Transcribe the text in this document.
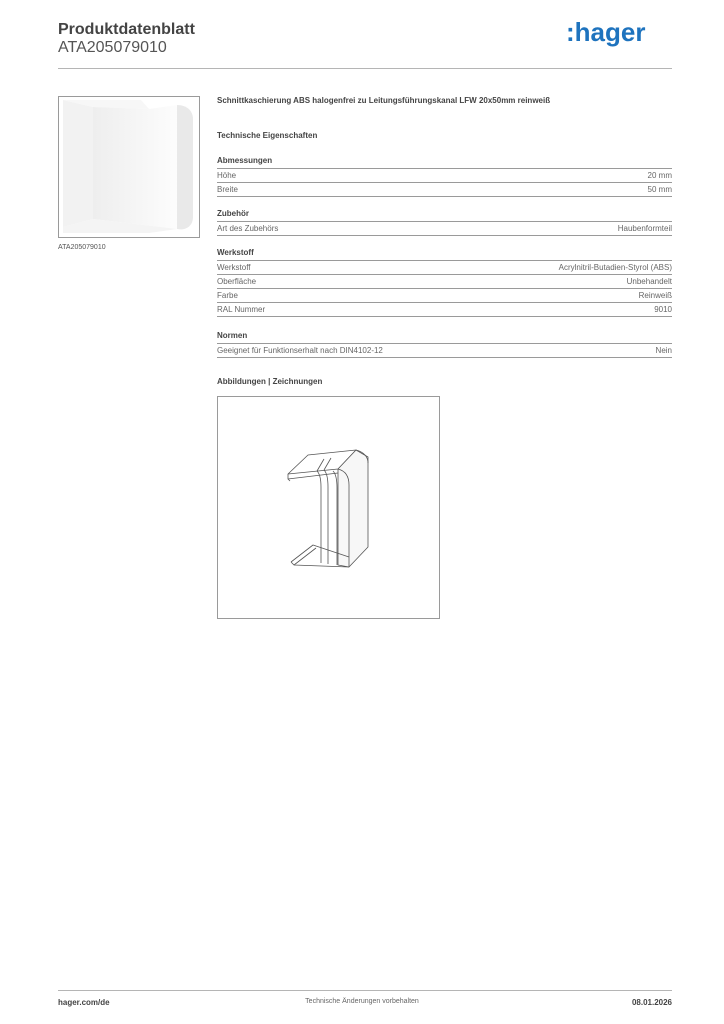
Produktdatenblatt
ATA205079010
:hager
ATA205079010
Schnittkaschierung ABS halogenfrei zu Leitungsführungskanal LFW 20x50mm reinweiß
Technische Eigenschaften
Abmessungen
Höhe	20 mm
Breite	50 mm
Zubehör
Art des Zubehörs	Haubenformteil
Werkstoff
Werkstoff	Acrylnitril-Butadien-Styrol (ABS)
Oberfläche	Unbehandelt
Farbe	Reinweiß
RAL Nummer	9010
Normen
Geeignet für Funktionserhalt nach DIN4102-12	Nein
Abbildungen | Zeichnungen
hager.com/de	Technische Änderungen vorbehalten	08.01.2026
